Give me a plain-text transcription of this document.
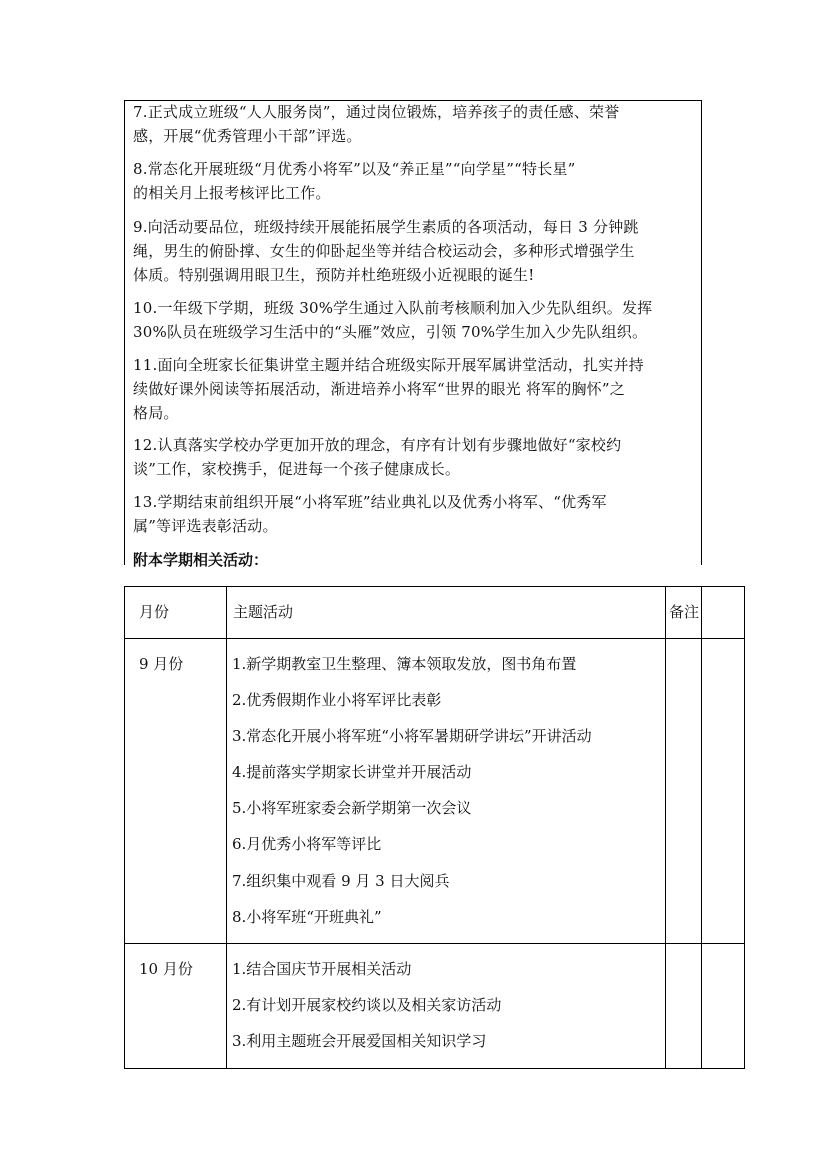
7.正式成立班级“人人服务岗”，通过岗位锻炼，培养孩子的责任感、荣誉
感，开展“优秀管理小干部”评选。
8.常态化开展班级“月优秀小将军”以及“养正星”“向学星”“特长星”
的相关月上报考核评比工作。
9.向活动要品位，班级持续开展能拓展学生素质的各项活动，每日 3 分钟跳
绳，男生的俯卧撑、女生的仰卧起坐等并结合校运动会，多种形式增强学生
体质。特别强调用眼卫生，预防并杜绝班级小近视眼的诞生!
10.一年级下学期，班级 30%学生通过入队前考核顺利加入少先队组织。发挥
30%队员在班级学习生活中的“头雁”效应，引领 70%学生加入少先队组织。
11.面向全班家长征集讲堂主题并结合班级实际开展军属讲堂活动，扎实并持
续做好课外阅读等拓展活动，渐进培养小将军“世界的眼光 将军的胸怀”之
格局。
12.认真落实学校办学更加开放的理念，有序有计划有步骤地做好“家校约
谈”工作，家校携手，促进每一个孩子健康成长。
13.学期结束前组织开展“小将军班”结业典礼以及优秀小将军、“优秀军
属”等评选表彰活动。
附本学期相关活动：
月份	主题活动	备注
9 月份	1.新学期教室卫生整理、簿本领取发放，图书角布置
2.优秀假期作业小将军评比表彰
3.常态化开展小将军班“小将军暑期研学讲坛”开讲活动
4.提前落实学期家长讲堂并开展活动
5.小将军班家委会新学期第一次会议
6.月优秀小将军等评比
7.组织集中观看 9 月 3 日大阅兵
8.小将军班“开班典礼”
10 月份	1.结合国庆节开展相关活动
2.有计划开展家校约谈以及相关家访活动
3.利用主题班会开展爱国相关知识学习
